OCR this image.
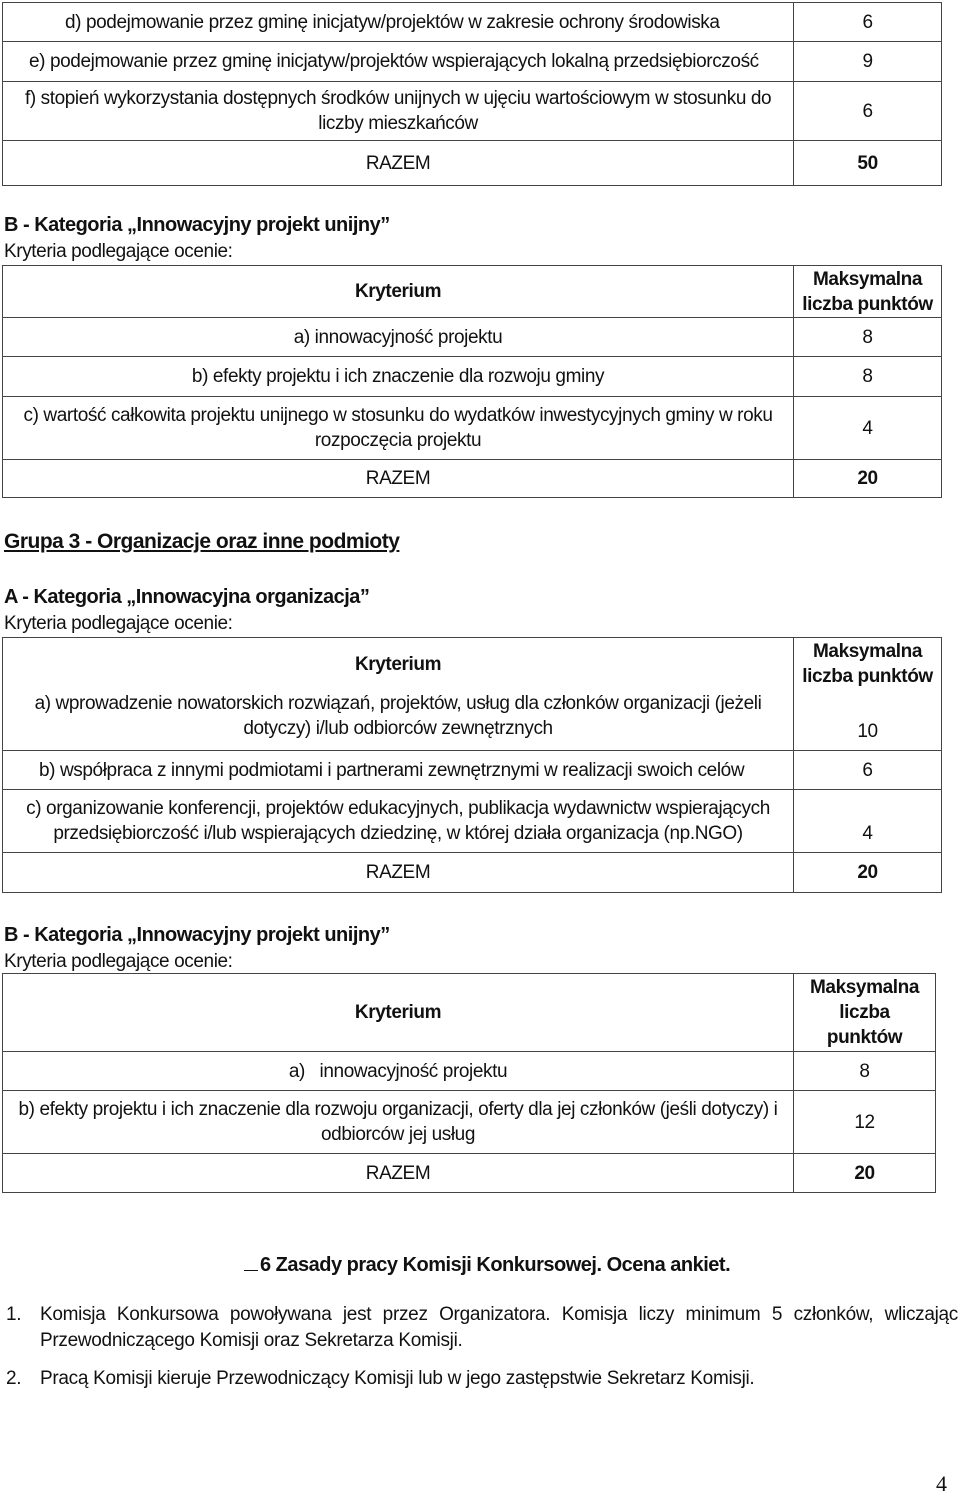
d) podejmowanie przez gminę inicjatyw/projektów w zakresie ochrony środowiska	6
e) podejmowanie przez gminę inicjatyw/projektów wspierających lokalną przedsiębiorczość	9

f) stopień wykorzystania dostępnych środków unijnych w ujęciu wartościowym w stosunku do
liczby mieszkańców	6
RAZEM	50
B - Kategoria „Innowacyjny projekt unijny”
Kryteria podlegające ocenie:
Kryterium	Maksymalna
liczba punktów

a) innowacyjność projektu	8
b) efekty projektu i ich znaczenie dla rozwoju gminy	8

c) wartość całkowita projektu unijnego w stosunku do wydatków inwestycyjnych gminy w roku
rozpoczęcia projektu	4
RAZEM	20
Grupa 3 - Organizacje oraz inne podmioty
A - Kategoria „Innowacyjna organizacja”
Kryteria podlegające ocenie:
Kryterium	Maksymalna
liczba punktów

a) wprowadzenie nowatorskich rozwiązań, projektów, usług dla członków organizacji (jeżeli
dotyczy) i/lub odbiorców zewnętrznych	10
b) współpraca z innymi podmiotami i partnerami zewnętrznymi w realizacji swoich celów	6

c) organizowanie konferencji, projektów edukacyjnych, publikacja wydawnictw wspierających
przedsiębiorczość i/lub wspierających dziedzinę, w której działa organizacja (np.NGO)	4
RAZEM	20
B - Kategoria „Innowacyjny projekt unijny”
Kryteria podlegające ocenie:
Kryterium	Maksymalna
liczba
punktów

a)   innowacyjność projektu	8

b) efekty projektu i ich znaczenie dla rozwoju organizacji, oferty dla jej członków (jeśli dotyczy) i
odbiorców jej usług	12
RAZEM	20
6 Zasady pracy Komisji Konkursowej. Ocena ankiet.
1. Komisja Konkursowa powoływana jest przez Organizatora. Komisja liczy minimum 5 członków, wliczając Przewodniczącego Komisji oraz Sekretarza Komisji.
2. Pracą Komisji kieruje Przewodniczący Komisji lub w jego zastępstwie Sekretarz Komisji.
4
